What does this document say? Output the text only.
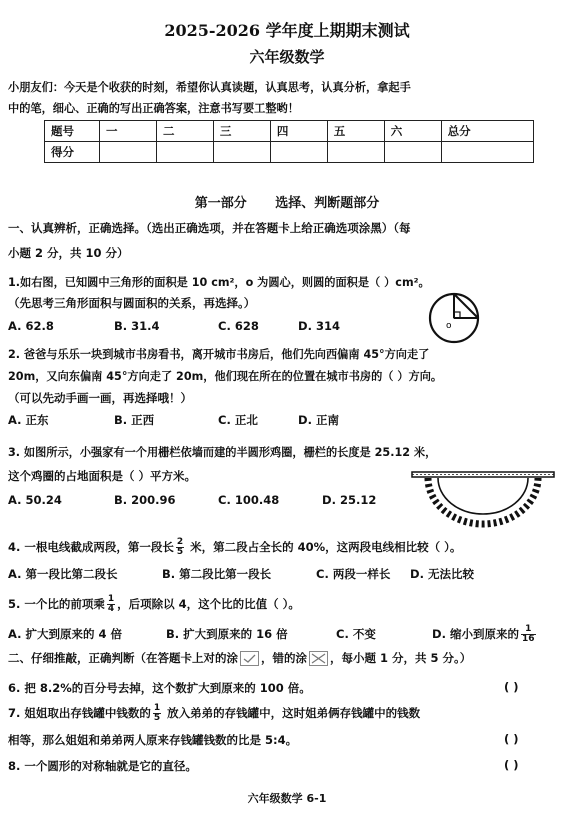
2025-2026 学年度上期期末测试
六年级数学
小朋友们：今天是个收获的时刻，希望你认真读题，认真思考，认真分析，拿起手
中的笔，细心、正确的写出正确答案，注意书写要工整哟！
题号	一	二	三	四	五	六	总分
得分							
第一部分 选择、判断题部分
一、认真辨析，正确选择。（选出正确选项，并在答题卡上给正确选项涂黑）（每
小题 2 分，共 10 分）
1.如右图，已知圆中三角形的面积是 10 cm²，o 为圆心，则圆的面积是（ ）cm²。
（先思考三角形面积与圆面积的关系，再选择。）
A. 62.8	B. 31.4	C. 628	D. 314	o
2. 爸爸与乐乐一块到城市书房看书，离开城市书房后，他们先向西偏南 45°方向走了
20m，又向东偏南 45°方向走了 20m，他们现在所在的位置在城市书房的（ ）方向。
（可以先动手画一画，再选择哦！）
A. 正东	B. 正西	C. 正北	D. 正南
3. 如图所示，小强家有一个用栅栏依墙而建的半圆形鸡圈，栅栏的长度是 25.12 米，
这个鸡圈的占地面积是（ ）平方米。
A. 50.24	B. 200.96	C. 100.48	D. 25.12
4. 一根电线截成两段，第一段长 $\frac{2}{5}$ 米，第二段占全长的 40%，这两段电线相比较（ ）。
A. 第一段比第二段长	B. 第二段比第一段长	C. 两段一样长 D. 无法比较
5. 一个比的前项乘 $\frac{1}{4}$ ，后项除以 4，这个比的比值（ ）。
A. 扩大到原来的 4 倍	B. 扩大到原来的 16 倍	C. 不变	D. 缩小到原来的 $\frac{1}{16}$
二、仔细推敲，正确判断（在答题卡上对的涂 ，错的涂 ☒ ，每小题 1 分，共 5 分。）
6. 把 8.2%的百分号去掉，这个数扩大到原来的 100 倍。	( )
7. 姐姐取出存钱罐中钱数的 $\frac{1}{5}$ 放入弟弟的存钱罐中，这时姐弟俩存钱罐中的钱数
相等，那么姐姐和弟弟两人原来存钱罐钱数的比是 5:4。	( )
8. 一个圆形的对称轴就是它的直径。	( )
六年级数学 6-1
